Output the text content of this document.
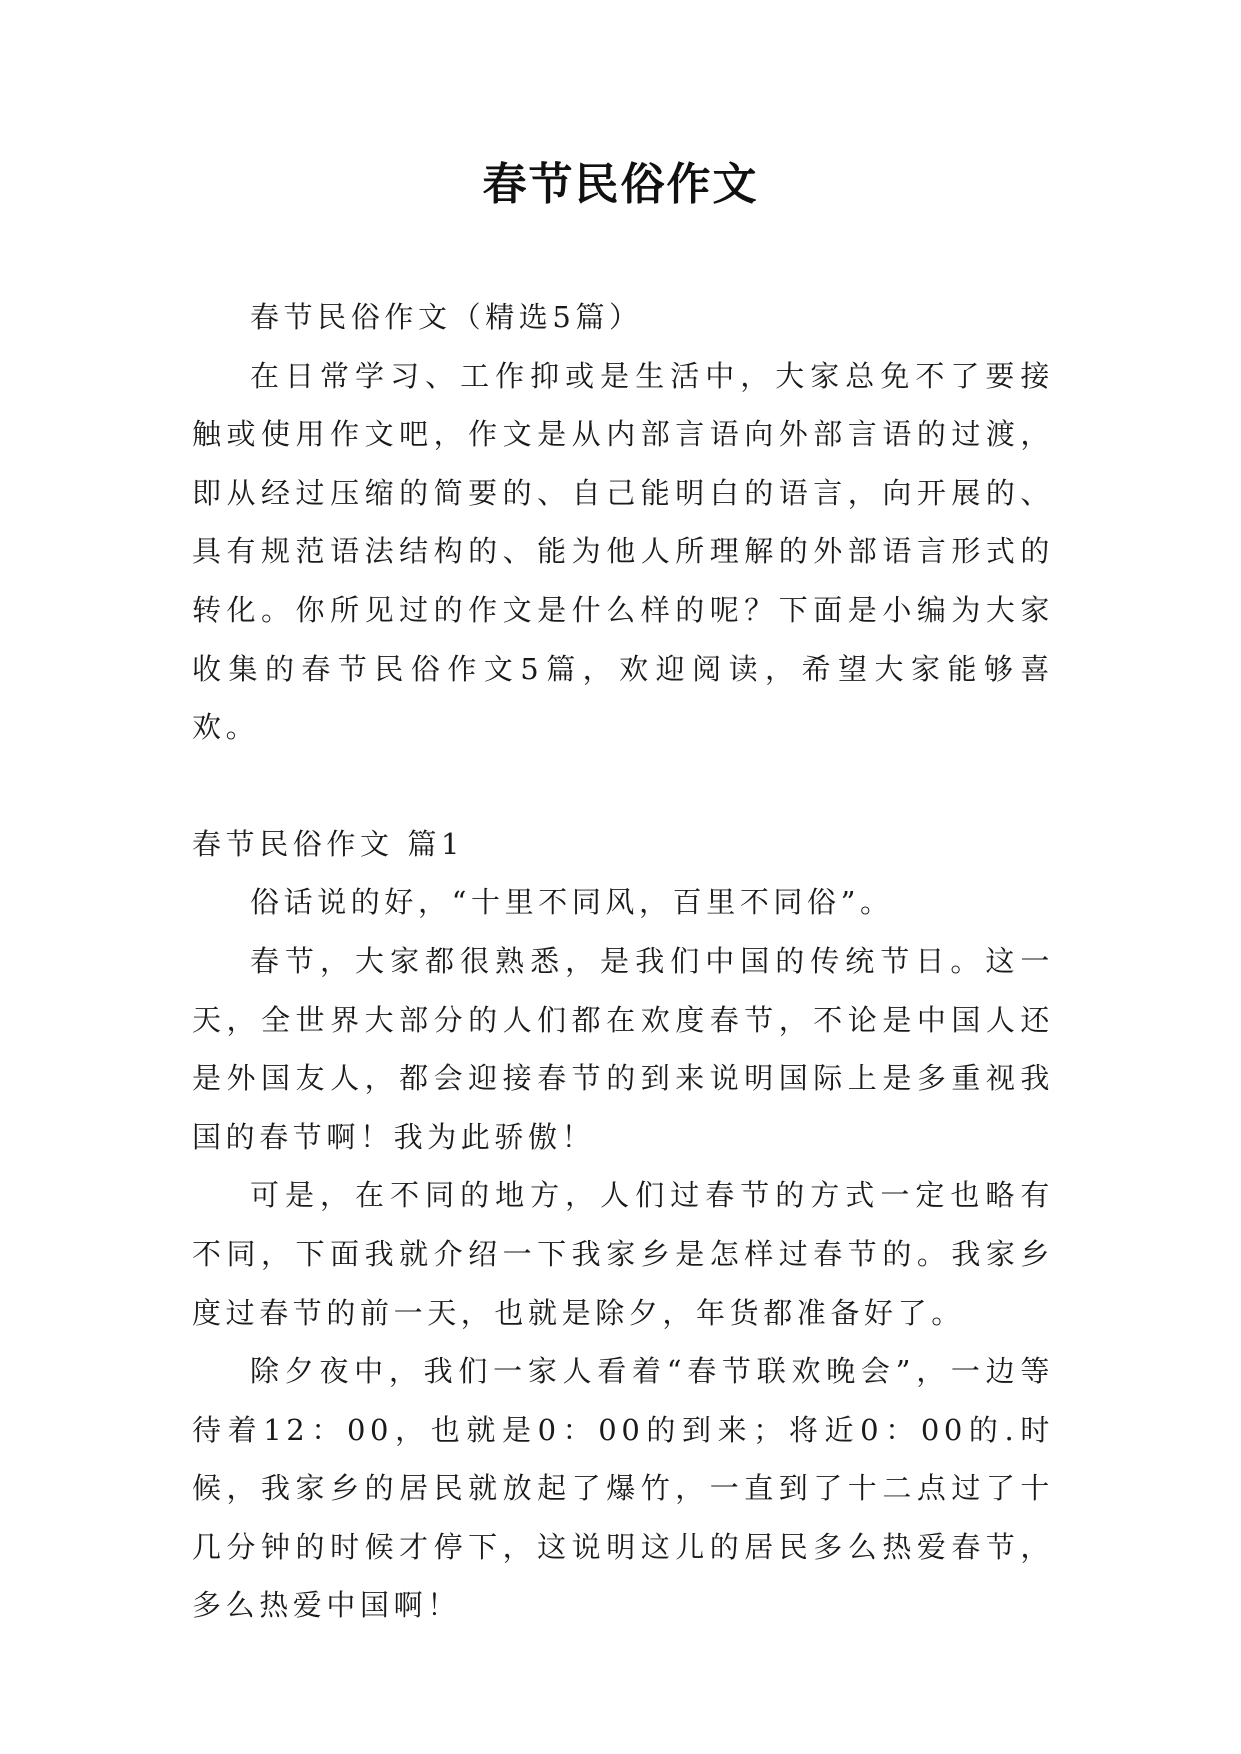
春节民俗作文

春节民俗作文（精选5篇）

在日常学习、工作抑或是生活中，大家总免不了要接触或使用作文吧，作文是从内部言语向外部言语的过渡，即从经过压缩的简要的、自己能明白的语言，向开展的、具有规范语法结构的、能为他人所理解的外部语言形式的转化。你所见过的作文是什么样的呢？下面是小编为大家收集的春节民俗作文5篇，欢迎阅读，希望大家能够喜欢。

春节民俗作文 篇1

俗话说的好，“十里不同风，百里不同俗”。

春节，大家都很熟悉，是我们中国的传统节日。这一天，全世界大部分的人们都在欢度春节，不论是中国人还是外国友人，都会迎接春节的到来说明国际上是多重视我国的春节啊！我为此骄傲！

可是，在不同的地方，人们过春节的方式一定也略有不同，下面我就介绍一下我家乡是怎样过春节的。我家乡度过春节的前一天，也就是除夕，年货都准备好了。

除夕夜中，我们一家人看着“春节联欢晚会”，一边等待着12：00，也就是0：00的到来；将近0：00的.时候，我家乡的居民就放起了爆竹，一直到了十二点过了十几分钟的时候才停下，这说明这儿的居民多么热爱春节，多么热爱中国啊！
